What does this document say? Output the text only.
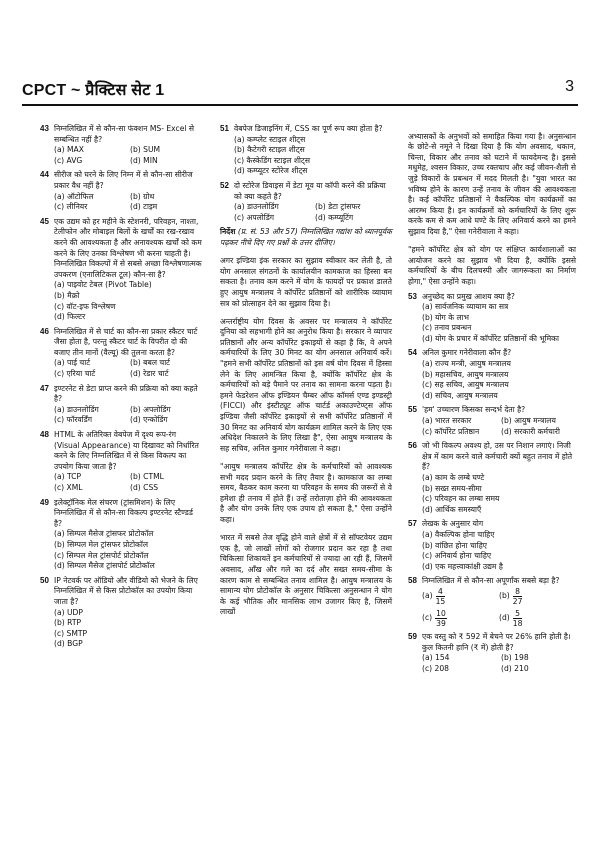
CPCT ~ प्रैक्टिस सेट 1	3
43 निम्नलिखित में से कौन-सा फंक्शन MS- Excel से सम्बन्धित नहीं है?
(a) MAX	(b) SUM
(c) AVG	(d) MIN
44 सीरीज को घरने के लिए निम्न में से कौन-सा सीरीज प्रकार वैध नहीं है?
(a) ऑटोफिल	(b) ग्रोथ
(c) लीनियर	(d) टाइम
45 एक उद्यम को हर महीने के स्टेशनरी, परिवहन, नाश्ता, टेलीफोन और मोबाइल बिलों के खर्चों का रख-रखाव करने की आवश्यकता है और अनावश्यक खर्चों को कम करने के लिए उनका विश्लेषण भी करना चाहती है। निम्नलिखित विकल्पों में से सबसे अच्छा विश्लेषणात्मक उपकरण (एनालिटिकल टूल) कौन-सा है?
(a) पाइवोट टेबल (Pivot Table)
(b) मैक्रो
(c) वॉट-इफ विश्लेषण
(d) फिल्टर
46 निम्नलिखित में से चार्ट का कौन-सा प्रकार स्कैटर चार्ट जैसा होता है, परन्तु स्कैटर चार्ट के विपरीत दो की बजाए तीन मानों (वैल्यू) की तुलना करता है?
(a) पाई चार्ट	(b) बबल चार्ट
(c) एरिया चार्ट	(d) रेडार चार्ट
47 इण्टरनेट से डेटा प्राप्त करने की प्रक्रिया को क्या कहते है?
(a) डाउनलोडिंग	(b) अपलोडिंग
(c) फॉरवर्डिंग	(d) एन्कोडिंग
48 HTML के अतिरिक्त वेबपेज में दृश्य रूप-रंग (Visual Appearance) या दिखावट को निर्धारित करने के लिए निम्नलिखित में से किस विकल्प का उपयोग किया जाता है?
(a) TCP	(b) CTML
(c) XML	(d) CSS
49 इलेक्ट्रॉनिक मेल संचरण (ट्रांसमिशन) के लिए निम्नलिखित में से कौन-सा विकल्प इण्टरनेट स्टैण्डर्ड है?
(a) सिम्पल मैसेज ट्रांसफर प्रोटोकॉल
(b) सिम्पल मेल ट्रांसफर प्रोटोकॉल
(c) सिम्पल मेल ट्रांसपोर्ट प्रोटोकॉल
(d) सिम्पल मैसेज ट्रांसपोर्ट प्रोटोकॉल
50 IP नेटवर्क पर ऑडियो और वीडियो को भेजने के लिए निम्नलिखित में से किस प्रोटोकॉल का उपयोग किया जाता है?
(a) UDP
(b) RTP
(c) SMTP
(d) BGP
51 वेबपेज डिजाइनिंग में, CSS का पूर्ण रूप क्या होता है?
(a) कम्प्लेट स्टाइल शीट्स
(b) कैटेगरी स्टाइल शीट्स
(c) कैस्केडिंग स्टाइल शीट्स
(d) कम्प्यूटर स्टोरेज शीट्स
52 दो स्टोरेज डिवाइस में डेटा मूव या कॉपी करने की प्रक्रिया को क्या कहते है?
(a) डाउनलोडिंग	(b) डेटा ट्रांसफर
(c) अपलोडिंग	(d) कम्प्यूटिंग
निर्देश (प्र. सं. 53 और 57) निम्नलिखित गद्यांश को ध्यानपूर्वक पढ़कर नीचे दिए गए प्रश्नों के उत्तर दीजिए।

अगर इण्डिया इंक सरकार का सुझाव स्वीकार कर लेती है, तो योग अनसाल संगठनों के कार्यालयीन कामकाज का हिस्सा बन सकता है। तनाव कम करने में योग के फायदों पर प्रकाश डालते हुए आयुष मन्त्रालय ने कॉर्पोरेट प्रतिष्ठानों को शारीरिक व्यायाम सत्र को प्रोत्साहन देने का सुझाव दिया है।

अन्तर्राष्ट्रीय योग दिवस के अवसर पर मन्त्रालय ने कॉर्पोरेट दुनिया को सहभागी होने का अनुरोध किया है। सरकार ने व्यापार प्रतिष्ठानों और अन्य कॉर्पोरेट इकाइयों से कहा है कि, वे अपने कर्मचारियों के लिए 30 मिनट का योग अनसाल अनिवार्य करें। "हमने सभी कॉर्पोरेट प्रतिष्ठानों को इस वर्ष योग दिवस में हिस्सा लेने के लिए आमन्त्रित किया है, क्योंकि कॉर्पोरेट क्षेत्र के कर्मचारियों को बड़े पैमाने पर तनाव का सामना करना पड़ता है। हमने फेडरेशन ऑफ इण्डियन चैम्बर ऑफ कॉमर्स एण्ड इण्डस्ट्री (FICCI) और इंस्टीट्यूट ऑफ चार्टर्ड अकाउण्टेण्ट्स ऑफ इण्डिया जैसी कॉर्पोरेट इकाइयों से सभी कॉर्पोरेट प्रतिष्ठानों में 30 मिनट का अनिवार्य योग कार्यक्रम शामिल करने के लिए एक अधिदेश निकालने के लिए लिखा है", ऐसा आयुष मन्त्रालय के सह सचिव, अनिल कुमार गनेरीवाला ने कहा।

"आयुष मन्त्रालय कॉर्पोरेट क्षेत्र के कर्मचारियों को आवश्यक सभी मदद प्रदान करने के लिए तैयार है। कामकाज का लम्बा समय, बैठकर काम करना या परिवहन के समय की जरूरों से वे हमेशा ही तनाव में होते हैं। उन्हें तरोताज़ा होने की आवश्यकता है और योग उनके लिए एक उपाय हो सकता है," ऐसा उन्होंने कहा।

भारत में सबसे तेज वृद्धि होने वाले क्षेत्रों में से सॉफ्टवेयर उद्यम एक है, जो लाखों लोगों को रोजगार प्रदान कर रहा है तथा चिकित्सा शिकायतें इन कर्मचारियों से ज्यादा आ रही हैं, जिसमें अवसाद, आँख और गले का दर्द और सख्त समय-सीमा के कारण काम से सम्बन्धित तनाव शामिल है। आयुष मन्त्रालय के सामान्य योग प्रोटोकॉल के अनुसार चिकित्सा अनुसन्धान ने योग के कई भौतिक और मानसिक लाभ उजागर किए है, जिसमें लाखों

अभ्यासकों के अनुभवों को समाहित किया गया है। अनुसन्धान के छोटे-से नमूने ने दिखा दिया है कि योग अवसाद, थकान, चिन्ता, विकार और तनाव को घटाने में फायदेमन्द है। इससे मधुमेह, श्वसन विकार, उच्च रक्तचाप और कई जीवन-शैली से जुड़े विकारों के प्रबन्धन में मदद मिलती है। "युवा भारत का भविष्य होने के कारण उन्हें तनाव के जीवन की आवश्यकता है। कई कॉर्पोरेट प्रतिष्ठानों ने वैकल्पिक योग कार्यक्रमों का आरम्भ किया है। इन कार्यक्रमों को कर्मचारियों के लिए शुरू करके कम से कम आधे घण्टे के लिए अनिवार्य करने का हमने सुझाव दिया है," ऐसा गनेरीवाला ने कहा।

"हमने कॉर्पोरेट क्षेत्र को योग पर संक्षिप्त कार्यशालाओं का आयोजन करने का सुझाव भी दिया है, क्योंकि इससे कर्मचारियों के बीच दिलचस्पी और जागरूकता का निर्माण होगा," ऐसा उन्होंने कहा।

53 अनुच्छेद का प्रमुख आशय क्या है?
(a) सार्वजनिक व्यायाम का सत्र
(b) योग के लाभ
(c) तनाव प्रबन्धन
(d) योग के प्रचार में कॉर्पोरेट प्रतिष्ठानों की भूमिका
54 अनिल कुमार गनेरीवाला कौन हैं?
(a) राज्य मन्त्री, आयुष मन्त्रालय
(b) महासचिव, आयुष मन्त्रालय
(c) सह सचिव, आयुष मन्त्रालय
(d) सचिव, आयुष मन्त्रालय
55 'हम' उच्चारण किसका सन्दर्भ देता है?
(a) भारत सरकार	(b) आयुष मन्त्रालय
(c) कॉर्पोरेट प्रतिष्ठान	(d) सरकारी कर्मचारी
56 जो भी विकल्प अवश्य हो, उस पर निशान लगाएं। निजी क्षेत्र में काम करने वाले कर्मचारी क्यों बहुत तनाव में होते हैं?
(a) काम के लम्बे घण्टे
(b) सख्त समय-सीमा
(c) परिवहन का लम्बा समय
(d) आर्थिक समस्याएँ
57 लेखक के अनुसार योग
(a) वैकल्पिक होना चाहिए
(b) वांछित होना चाहिए
(c) अनिवार्य होना चाहिए
(d) एक महत्त्वाकांक्षी उद्यम है
58 निम्नलिखित में से कौन-सा अपूर्णांक सबसे बड़ा है?
$(a) \frac{4}{15}$	$(b) \frac{8}{27}$
$(c) \frac{10}{39}$	$(d) \frac{5}{18}$
59 एक वस्तु को ₹ 592 में बेचने पर 26% हानि होती है। कुल कितनी हानि (₹ में) होती है?
(a) 154	(b) 198
(c) 208	(d) 210
